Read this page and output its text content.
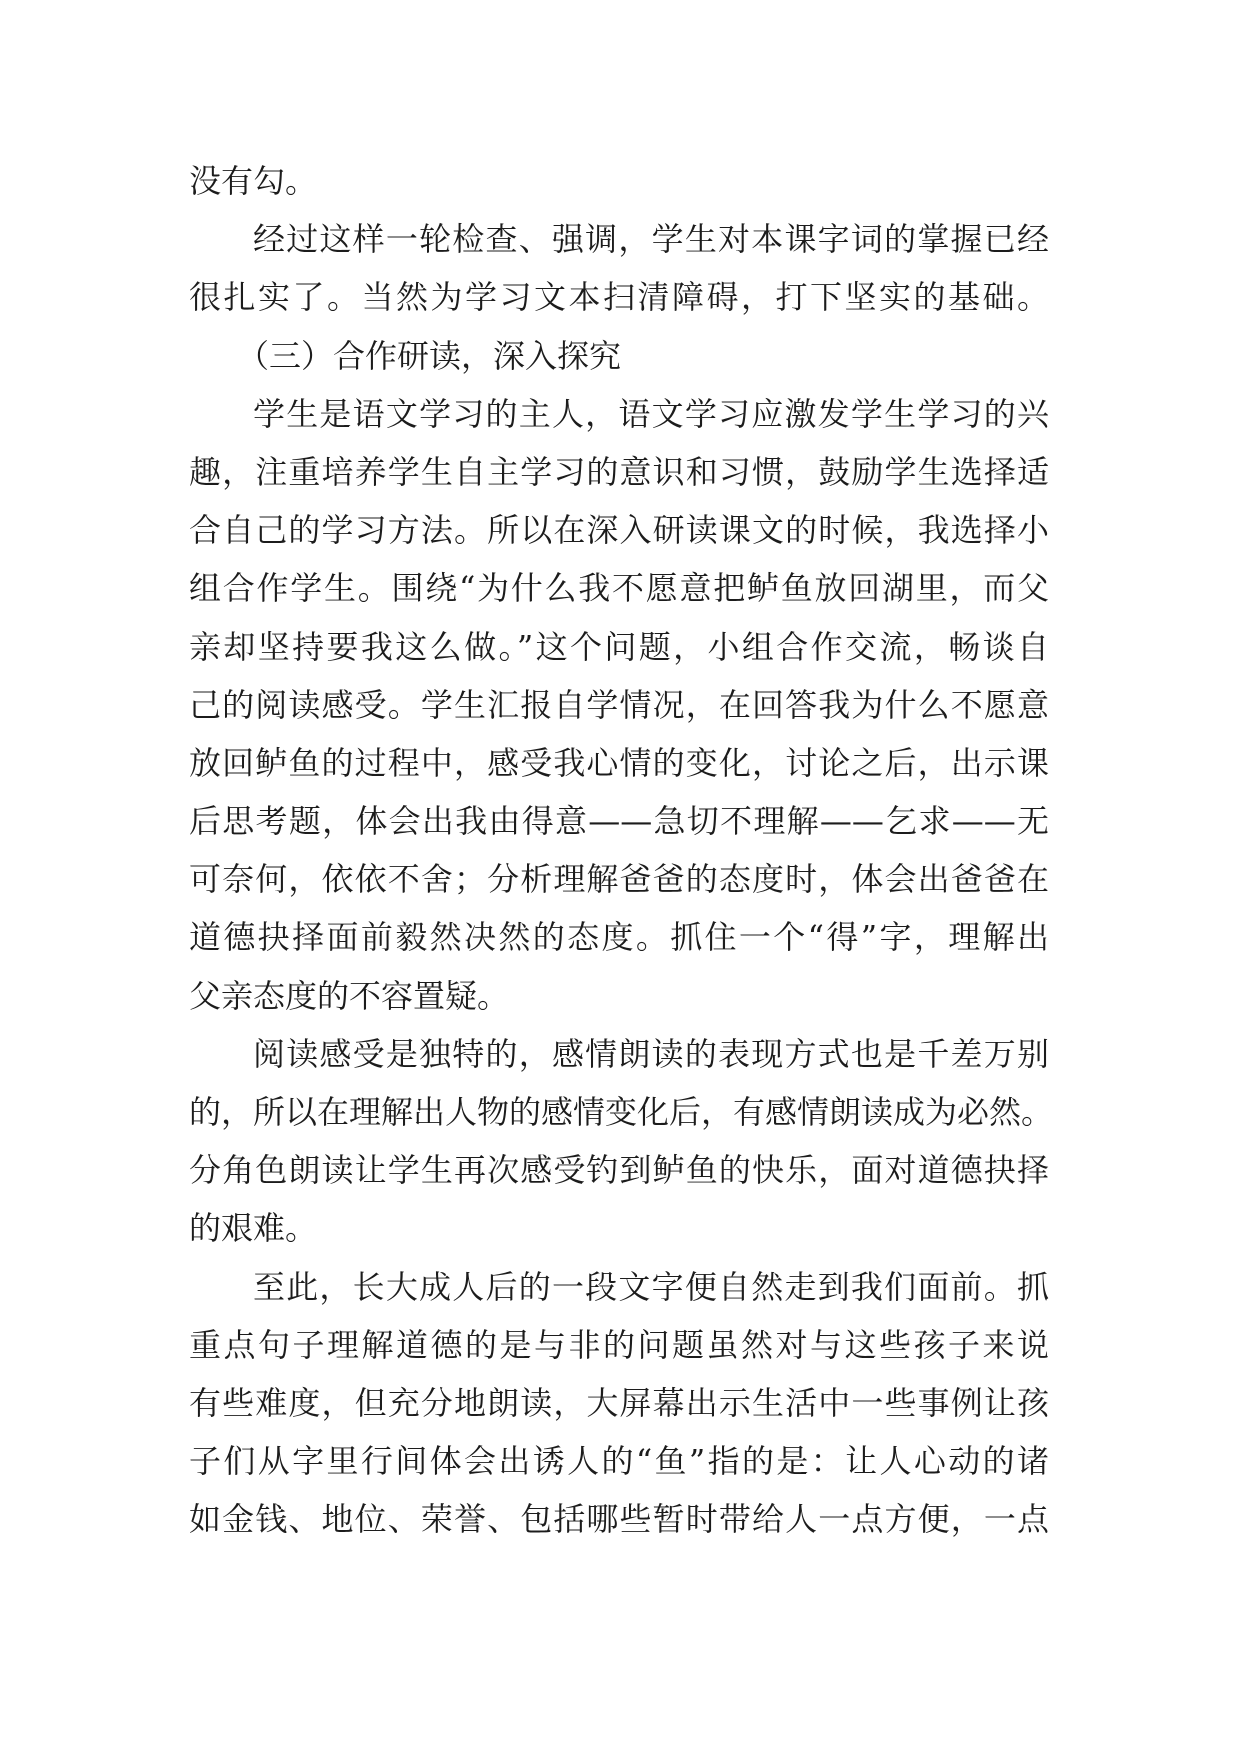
没有勾。
经过这样一轮检查、强调，学生对本课字词的掌握已经
很扎实了。当然为学习文本扫清障碍，打下坚实的基础。
（三）合作研读，深入探究
学生是语文学习的主人，语文学习应激发学生学习的兴
趣，注重培养学生自主学习的意识和习惯，鼓励学生选择适
合自己的学习方法。所以在深入研读课文的时候，我选择小
组合作学生。围绕“为什么我不愿意把鲈鱼放回湖里，而父
亲却坚持要我这么做。”这个问题，小组合作交流，畅谈自
己的阅读感受。学生汇报自学情况，在回答我为什么不愿意
放回鲈鱼的过程中，感受我心情的变化，讨论之后，出示课
后思考题，体会出我由得意——急切不理解——乞求——无
可奈何，依依不舍；分析理解爸爸的态度时，体会出爸爸在
道德抉择面前毅然决然的态度。抓住一个“得”字，理解出
父亲态度的不容置疑。
阅读感受是独特的，感情朗读的表现方式也是千差万别
的，所以在理解出人物的感情变化后，有感情朗读成为必然。
分角色朗读让学生再次感受钓到鲈鱼的快乐，面对道德抉择
的艰难。
至此，长大成人后的一段文字便自然走到我们面前。抓
重点句子理解道德的是与非的问题虽然对与这些孩子来说
有些难度，但充分地朗读，大屏幕出示生活中一些事例让孩
子们从字里行间体会出诱人的“鱼”指的是：让人心动的诸
如金钱、地位、荣誉、包括哪些暂时带给人一点方便，一点
